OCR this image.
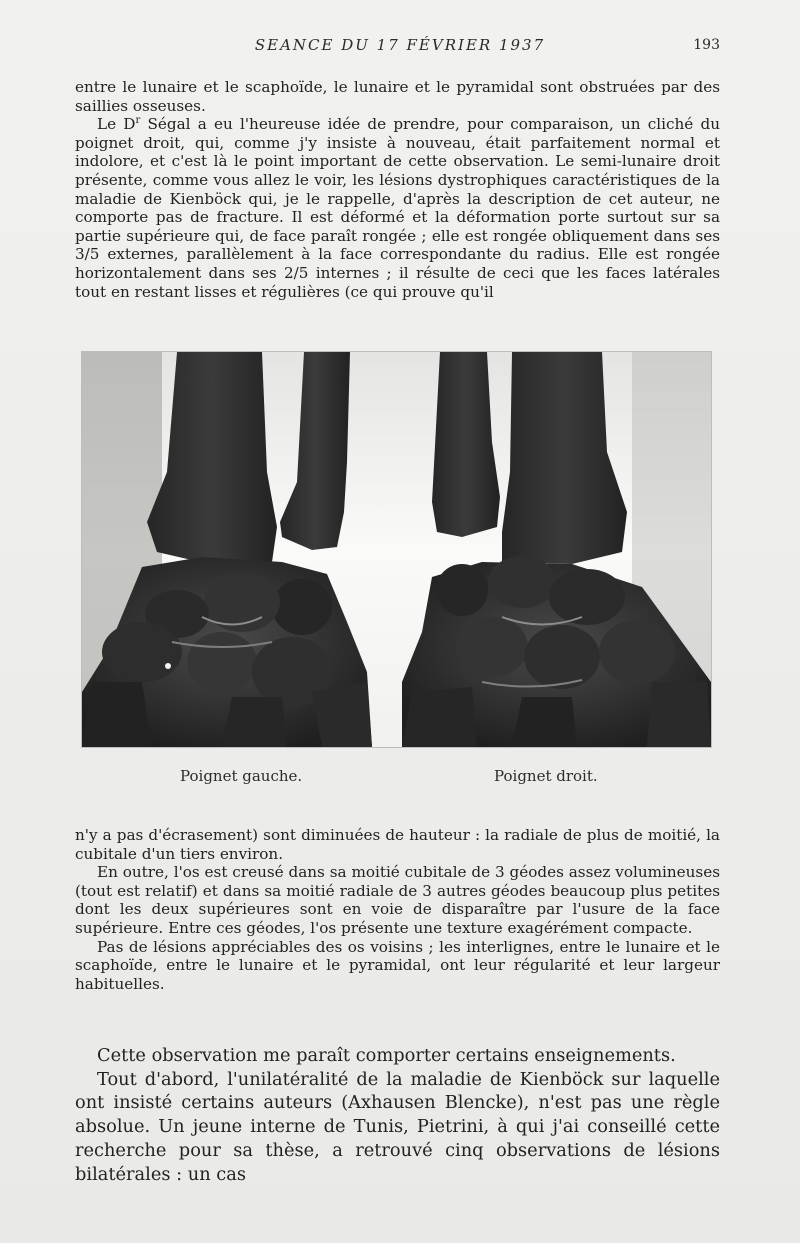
SEANCE DU 17 FÉVRIER 1937	193

entre le lunaire et le scaphoïde, le lunaire et le pyramidal sont obstruées par des saillies osseuses.

Le $D^r$ Ségal a eu l'heureuse idée de prendre, pour comparaison, un cliché du poignet droit, qui, comme j'y insiste à nouveau, était parfaitement normal et indolore, et c'est là le point important de cette observation. Le semi-lunaire droit présente, comme vous allez le voir, les lésions dystrophiques caractéristiques de la maladie de Kienböck qui, je le rappelle, d'après la description de cet auteur, ne comporte pas de fracture. Il est déformé et la déformation porte surtout sur sa partie supérieure qui, de face paraît rongée ; elle est rongée obliquement dans ses 3/5 externes, parallèlement à la face correspondante du radius. Elle est rongée horizontalement dans ses 2/5 internes ; il résulte de ceci que les faces latérales tout en restant lisses et régulières (ce qui prouve qu'il

Poignet gauche.	Poignet droit.

n'y a pas d'écrasement) sont diminuées de hauteur : la radiale de plus de moitié, la cubitale d'un tiers environ.

En outre, l'os est creusé dans sa moitié cubitale de 3 géodes assez volumineuses (tout est relatif) et dans sa moitié radiale de 3 autres géodes beaucoup plus petites dont les deux supérieures sont en voie de disparaître par l'usure de la face supérieure. Entre ces géodes, l'os présente une texture exagérément compacte.

Pas de lésions appréciables des os voisins ; les interlignes, entre le lunaire et le scaphoïde, entre le lunaire et le pyramidal, ont leur régularité et leur largeur habituelles.

Cette observation me paraît comporter certains enseignements.

Tout d'abord, l'unilatéralité de la maladie de Kienböck sur laquelle ont insisté certains auteurs (Axhausen Blencke), n'est pas une règle absolue. Un jeune interne de Tunis, Pietrini, à qui j'ai conseillé cette recherche pour sa thèse, a retrouvé cinq observations de lésions bilatérales : un cas
